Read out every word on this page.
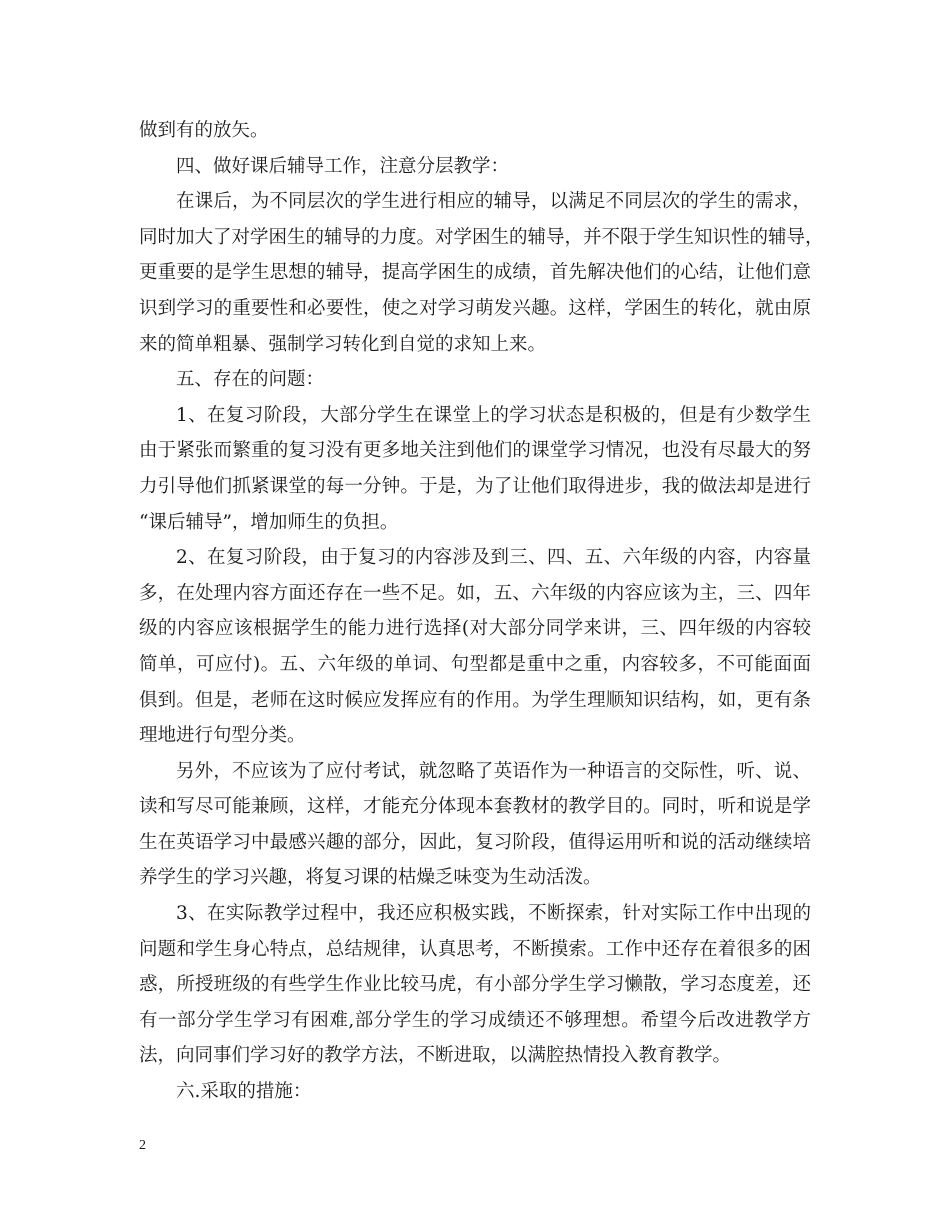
做到有的放矢。
四、做好课后辅导工作，注意分层教学：
在课后，为不同层次的学生进行相应的辅导，以满足不同层次的学生的需求，
同时加大了对学困生的辅导的力度。对学困生的辅导，并不限于学生知识性的辅导，
更重要的是学生思想的辅导，提高学困生的成绩，首先解决他们的心结，让他们意
识到学习的重要性和必要性，使之对学习萌发兴趣。这样，学困生的转化，就由原
来的简单粗暴、强制学习转化到自觉的求知上来。
五、存在的问题：
1、在复习阶段，大部分学生在课堂上的学习状态是积极的，但是有少数学生
由于紧张而繁重的复习没有更多地关注到他们的课堂学习情况，也没有尽最大的努
力引导他们抓紧课堂的每一分钟。于是，为了让他们取得进步，我的做法却是进行
“课后辅导”，增加师生的负担。
2、在复习阶段，由于复习的内容涉及到三、四、五、六年级的内容，内容量
多，在处理内容方面还存在一些不足。如，五、六年级的内容应该为主，三、四年
级的内容应该根据学生的能力进行选择(对大部分同学来讲，三、四年级的内容较
简单，可应付)。五、六年级的单词、句型都是重中之重，内容较多，不可能面面
俱到。但是，老师在这时候应发挥应有的作用。为学生理顺知识结构，如，更有条
理地进行句型分类。
另外，不应该为了应付考试，就忽略了英语作为一种语言的交际性，听、说、
读和写尽可能兼顾，这样，才能充分体现本套教材的教学目的。同时，听和说是学
生在英语学习中最感兴趣的部分，因此，复习阶段，值得运用听和说的活动继续培
养学生的学习兴趣，将复习课的枯燥乏味变为生动活泼。
3、在实际教学过程中，我还应积极实践，不断探索，针对实际工作中出现的
问题和学生身心特点，总结规律，认真思考，不断摸索。工作中还存在着很多的困
惑，所授班级的有些学生作业比较马虎，有小部分学生学习懒散，学习态度差，还
有一部分学生学习有困难,部分学生的学习成绩还不够理想。希望今后改进教学方
法，向同事们学习好的教学方法，不断进取，以满腔热情投入教育教学。
六.采取的措施：
2
